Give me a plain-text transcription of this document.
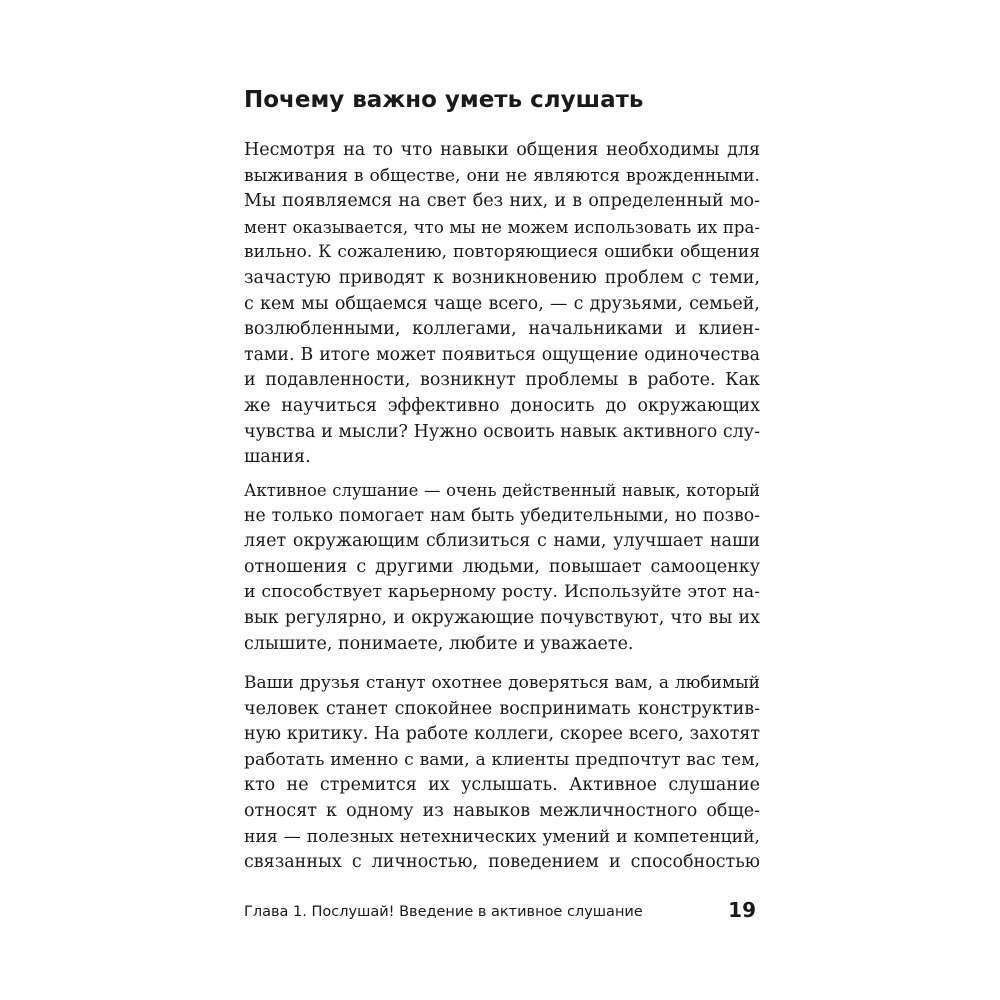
Почему важно уметь слушать
Несмотря на то что навыки общения необходимы для
выживания в обществе, они не являются врожденными.
Мы появляемся на свет без них, и в определенный мо-
мент оказывается, что мы не можем использовать их пра-
вильно. К сожалению, повторяющиеся ошибки общения
зачастую приводят к возникновению проблем с теми,
с кем мы общаемся чаще всего, — с друзьями, семьей,
возлюбленными, коллегами, начальниками и клиен-
тами. В итоге может появиться ощущение одиночества
и подавленности, возникнут проблемы в работе. Как
же научиться эффективно доносить до окружающих
чувства и мысли? Нужно освоить навык активного слу-
шания.
Активное слушание — очень действенный навык, который
не только помогает нам быть убедительными, но позво-
ляет окружающим сблизиться с нами, улучшает наши
отношения с другими людьми, повышает самооценку
и способствует карьерному росту. Используйте этот на-
вык регулярно, и окружающие почувствуют, что вы их
слышите, понимаете, любите и уважаете.
Ваши друзья станут охотнее доверяться вам, а любимый
человек станет спокойнее воспринимать конструктив-
ную критику. На работе коллеги, скорее всего, захотят
работать именно с вами, а клиенты предпочтут вас тем,
кто не стремится их услышать. Активное слушание
относят к одному из навыков межличностного обще-
ния — полезных нетехнических умений и компетенций,
связанных с личностью, поведением и способностью
Глава 1. Послушай! Введение в активное слушание	19
